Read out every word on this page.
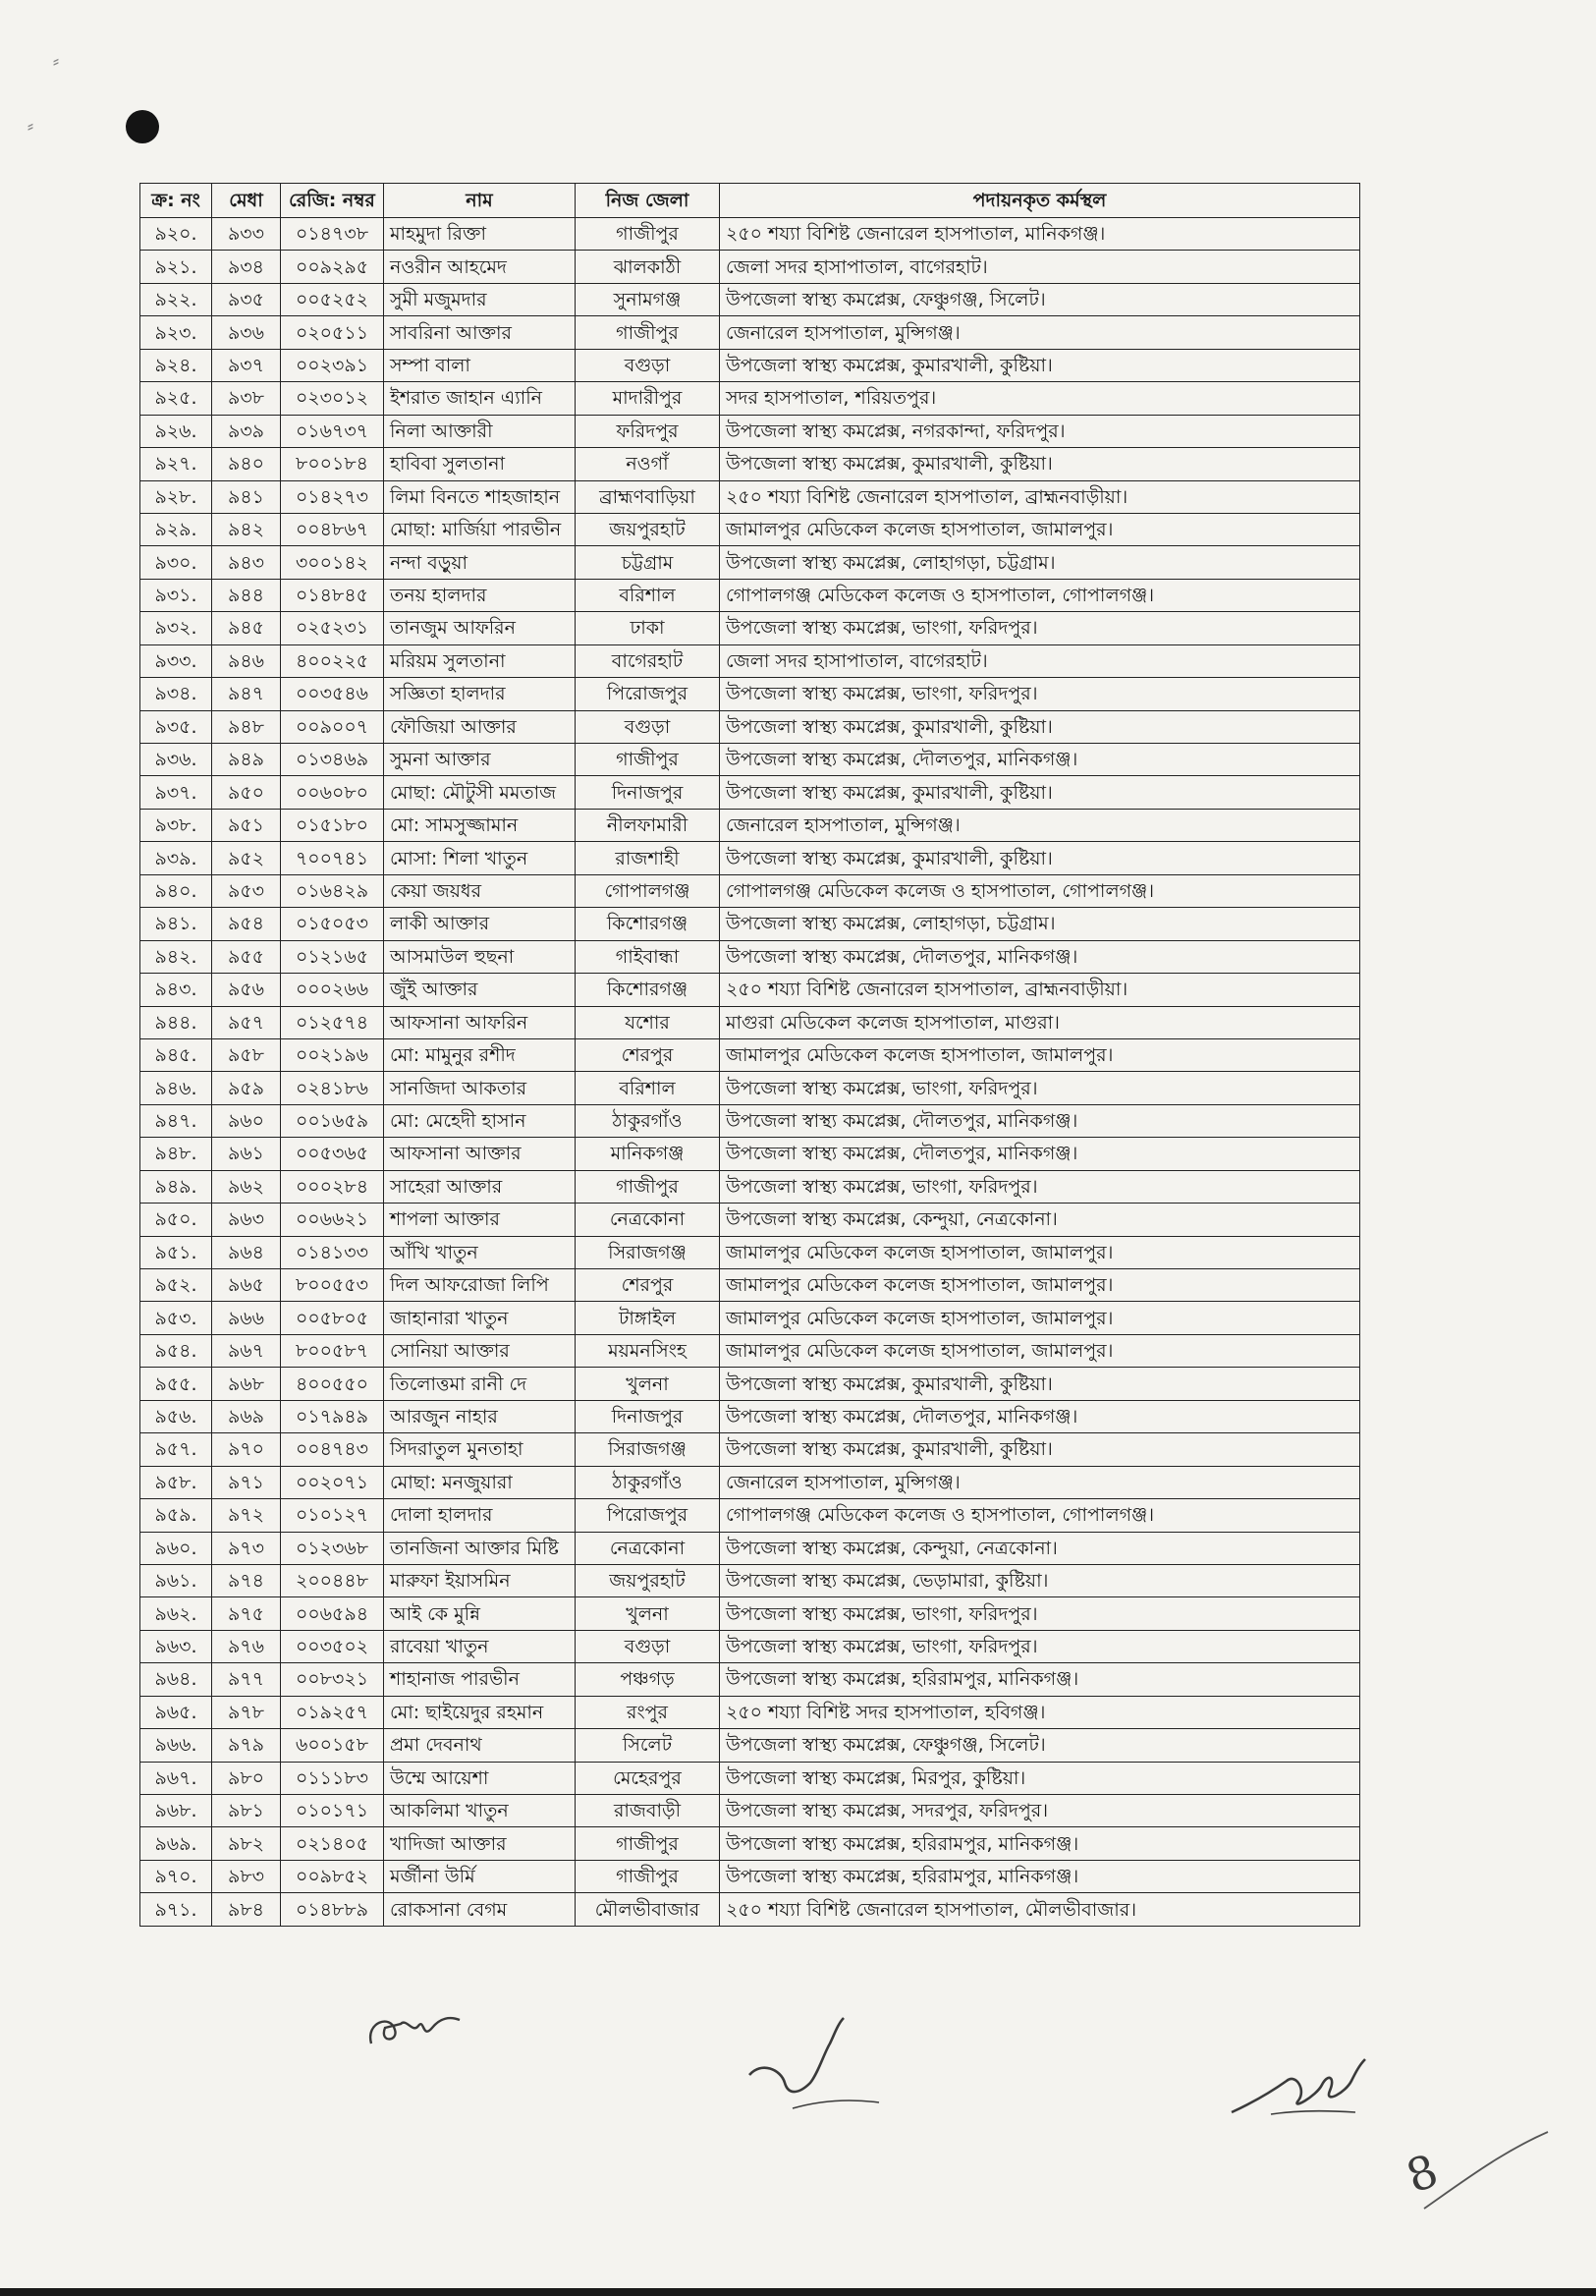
⸗
⸗
ক্র: নং	মেধা	রেজি: নম্বর	নাম	নিজ জেলা	পদায়নকৃত কর্মস্থল
৯২০.	৯৩৩	০১৪৭৩৮	মাহমুদা রিক্তা	গাজীপুর	২৫০ শয্যা বিশিষ্ট জেনারেল হাসপাতাল, মানিকগঞ্জ।
৯২১.	৯৩৪	০০৯২৯৫	নওরীন আহমেদ	ঝালকাঠী	জেলা সদর হাসাপাতাল, বাগেরহাট।
৯২২.	৯৩৫	০০৫২৫২	সুমী মজুমদার	সুনামগঞ্জ	উপজেলা স্বাস্থ্য কমপ্লেক্স, ফেঞ্চুগঞ্জ, সিলেট।
৯২৩.	৯৩৬	০২০৫১১	সাবরিনা আক্তার	গাজীপুর	জেনারেল হাসপাতাল, মুন্সিগঞ্জ।
৯২৪.	৯৩৭	০০২৩৯১	সম্পা বালা	বগুড়া	উপজেলা স্বাস্থ্য কমপ্লেক্স, কুমারখালী, কুষ্টিয়া।
৯২৫.	৯৩৮	০২৩০১২	ইশরাত জাহান এ্যানি	মাদারীপুর	সদর হাসপাতাল, শরিয়তপুর।
৯২৬.	৯৩৯	০১৬৭৩৭	নিলা আক্তারী	ফরিদপুর	উপজেলা স্বাস্থ্য কমপ্লেক্স, নগরকান্দা, ফরিদপুর।
৯২৭.	৯৪০	৮০০১৮৪	হাবিবা সুলতানা	নওগাঁ	উপজেলা স্বাস্থ্য কমপ্লেক্স, কুমারখালী, কুষ্টিয়া।
৯২৮.	৯৪১	০১৪২৭৩	লিমা বিনতে শাহজাহান	ব্রাহ্মণবাড়িয়া	২৫০ শয্যা বিশিষ্ট জেনারেল হাসপাতাল, ব্রাহ্মনবাড়ীয়া।
৯২৯.	৯৪২	০০৪৮৬৭	মোছা: মার্জিয়া পারভীন	জয়পুরহাট	জামালপুর মেডিকেল কলেজ হাসপাতাল, জামালপুর।
৯৩০.	৯৪৩	৩০০১৪২	নন্দা বড়ুয়া	চট্টগ্রাম	উপজেলা স্বাস্থ্য কমপ্লেক্স, লোহাগড়া, চট্টগ্রাম।
৯৩১.	৯৪৪	০১৪৮৪৫	তনয় হালদার	বরিশাল	গোপালগঞ্জ মেডিকেল কলেজ ও হাসপাতাল, গোপালগঞ্জ।
৯৩২.	৯৪৫	০২৫২৩১	তানজুম আফরিন	ঢাকা	উপজেলা স্বাস্থ্য কমপ্লেক্স, ভাংগা, ফরিদপুর।
৯৩৩.	৯৪৬	৪০০২২৫	মরিয়ম সুলতানা	বাগেরহাট	জেলা সদর হাসাপাতাল, বাগেরহাট।
৯৩৪.	৯৪৭	০০৩৫৪৬	সজ্ঞিতা হালদার	পিরোজপুর	উপজেলা স্বাস্থ্য কমপ্লেক্স, ভাংগা, ফরিদপুর।
৯৩৫.	৯৪৮	০০৯০০৭	ফৌজিয়া আক্তার	বগুড়া	উপজেলা স্বাস্থ্য কমপ্লেক্স, কুমারখালী, কুষ্টিয়া।
৯৩৬.	৯৪৯	০১৩৪৬৯	সুমনা আক্তার	গাজীপুর	উপজেলা স্বাস্থ্য কমপ্লেক্স, দৌলতপুর, মানিকগঞ্জ।
৯৩৭.	৯৫০	০০৬০৮০	মোছা: মৌটুসী মমতাজ	দিনাজপুর	উপজেলা স্বাস্থ্য কমপ্লেক্স, কুমারখালী, কুষ্টিয়া।
৯৩৮.	৯৫১	০১৫১৮০	মো: সামসুজ্জামান	নীলফামারী	জেনারেল হাসপাতাল, মুন্সিগঞ্জ।
৯৩৯.	৯৫২	৭০০৭৪১	মোসা: শিলা খাতুন	রাজশাহী	উপজেলা স্বাস্থ্য কমপ্লেক্স, কুমারখালী, কুষ্টিয়া।
৯৪০.	৯৫৩	০১৬৪২৯	কেয়া জয়ধর	গোপালগঞ্জ	গোপালগঞ্জ মেডিকেল কলেজ ও হাসপাতাল, গোপালগঞ্জ।
৯৪১.	৯৫৪	০১৫০৫৩	লাকী আক্তার	কিশোরগঞ্জ	উপজেলা স্বাস্থ্য কমপ্লেক্স, লোহাগড়া, চট্টগ্রাম।
৯৪২.	৯৫৫	০১২১৬৫	আসমাউল হুছনা	গাইবান্ধা	উপজেলা স্বাস্থ্য কমপ্লেক্স, দৌলতপুর, মানিকগঞ্জ।
৯৪৩.	৯৫৬	০০০২৬৬	জুঁই আক্তার	কিশোরগঞ্জ	২৫০ শয্যা বিশিষ্ট জেনারেল হাসপাতাল, ব্রাহ্মনবাড়ীয়া।
৯৪৪.	৯৫৭	০১২৫৭৪	আফসানা আফরিন	যশোর	মাগুরা মেডিকেল কলেজ হাসপাতাল, মাগুরা।
৯৪৫.	৯৫৮	০০২১৯৬	মো: মামুনুর রশীদ	শেরপুর	জামালপুর মেডিকেল কলেজ হাসপাতাল, জামালপুর।
৯৪৬.	৯৫৯	০২৪১৮৬	সানজিদা আকতার	বরিশাল	উপজেলা স্বাস্থ্য কমপ্লেক্স, ভাংগা, ফরিদপুর।
৯৪৭.	৯৬০	০০১৬৫৯	মো: মেহেদী হাসান	ঠাকুরগাঁও	উপজেলা স্বাস্থ্য কমপ্লেক্স, দৌলতপুর, মানিকগঞ্জ।
৯৪৮.	৯৬১	০০৫৩৬৫	আফসানা আক্তার	মানিকগঞ্জ	উপজেলা স্বাস্থ্য কমপ্লেক্স, দৌলতপুর, মানিকগঞ্জ।
৯৪৯.	৯৬২	০০০২৮৪	সাহেরা আক্তার	গাজীপুর	উপজেলা স্বাস্থ্য কমপ্লেক্স, ভাংগা, ফরিদপুর।
৯৫০.	৯৬৩	০০৬৬২১	শাপলা আক্তার	নেত্রকোনা	উপজেলা স্বাস্থ্য কমপ্লেক্স, কেন্দুয়া, নেত্রকোনা।
৯৫১.	৯৬৪	০১৪১৩৩	আঁখি খাতুন	সিরাজগঞ্জ	জামালপুর মেডিকেল কলেজ হাসপাতাল, জামালপুর।
৯৫২.	৯৬৫	৮০০৫৫৩	দিল আফরোজা লিপি	শেরপুর	জামালপুর মেডিকেল কলেজ হাসপাতাল, জামালপুর।
৯৫৩.	৯৬৬	০০৫৮০৫	জাহানারা খাতুন	টাঙ্গাইল	জামালপুর মেডিকেল কলেজ হাসপাতাল, জামালপুর।
৯৫৪.	৯৬৭	৮০০৫৮৭	সোনিয়া আক্তার	ময়মনসিংহ	জামালপুর মেডিকেল কলেজ হাসপাতাল, জামালপুর।
৯৫৫.	৯৬৮	৪০০৫৫০	তিলোত্তমা রানী দে	খুলনা	উপজেলা স্বাস্থ্য কমপ্লেক্স, কুমারখালী, কুষ্টিয়া।
৯৫৬.	৯৬৯	০১৭৯৪৯	আরজুন নাহার	দিনাজপুর	উপজেলা স্বাস্থ্য কমপ্লেক্স, দৌলতপুর, মানিকগঞ্জ।
৯৫৭.	৯৭০	০০৪৭৪৩	সিদরাতুল মুনতাহা	সিরাজগঞ্জ	উপজেলা স্বাস্থ্য কমপ্লেক্স, কুমারখালী, কুষ্টিয়া।
৯৫৮.	৯৭১	০০২০৭১	মোছা: মনজুয়ারা	ঠাকুরগাঁও	জেনারেল হাসপাতাল, মুন্সিগঞ্জ।
৯৫৯.	৯৭২	০১০১২৭	দোলা হালদার	পিরোজপুর	গোপালগঞ্জ মেডিকেল কলেজ ও হাসপাতাল, গোপালগঞ্জ।
৯৬০.	৯৭৩	০১২৩৬৮	তানজিনা আক্তার মিষ্টি	নেত্রকোনা	উপজেলা স্বাস্থ্য কমপ্লেক্স, কেন্দুয়া, নেত্রকোনা।
৯৬১.	৯৭৪	২০০৪৪৮	মারুফা ইয়াসমিন	জয়পুরহাট	উপজেলা স্বাস্থ্য কমপ্লেক্স, ভেড়ামারা, কুষ্টিয়া।
৯৬২.	৯৭৫	০০৬৫৯৪	আই কে মুন্নি	খুলনা	উপজেলা স্বাস্থ্য কমপ্লেক্স, ভাংগা, ফরিদপুর।
৯৬৩.	৯৭৬	০০৩৫০২	রাবেয়া খাতুন	বগুড়া	উপজেলা স্বাস্থ্য কমপ্লেক্স, ভাংগা, ফরিদপুর।
৯৬৪.	৯৭৭	০০৮৩২১	শাহানাজ পারভীন	পঞ্চগড়	উপজেলা স্বাস্থ্য কমপ্লেক্স, হরিরামপুর, মানিকগঞ্জ।
৯৬৫.	৯৭৮	০১৯২৫৭	মো: ছাইয়েদুর রহমান	রংপুর	২৫০ শয্যা বিশিষ্ট সদর হাসপাতাল, হবিগঞ্জ।
৯৬৬.	৯৭৯	৬০০১৫৮	প্রমা দেবনাথ	সিলেট	উপজেলা স্বাস্থ্য কমপ্লেক্স, ফেঞ্চুগঞ্জ, সিলেট।
৯৬৭.	৯৮০	০১১১৮৩	উম্মে আয়েশা	মেহেরপুর	উপজেলা স্বাস্থ্য কমপ্লেক্স, মিরপুর, কুষ্টিয়া।
৯৬৮.	৯৮১	০১০১৭১	আকলিমা খাতুন	রাজবাড়ী	উপজেলা স্বাস্থ্য কমপ্লেক্স, সদরপুর, ফরিদপুর।
৯৬৯.	৯৮২	০২১৪০৫	খাদিজা আক্তার	গাজীপুর	উপজেলা স্বাস্থ্য কমপ্লেক্স, হরিরামপুর, মানিকগঞ্জ।
৯৭০.	৯৮৩	০০৯৮৫২	মর্জীনা উর্মি	গাজীপুর	উপজেলা স্বাস্থ্য কমপ্লেক্স, হরিরামপুর, মানিকগঞ্জ।
৯৭১.	৯৮৪	০১৪৮৮৯	রোকসানা বেগম	মৌলভীবাজার	২৫০ শয্যা বিশিষ্ট জেনারেল হাসপাতাল, মৌলভীবাজার।
8
